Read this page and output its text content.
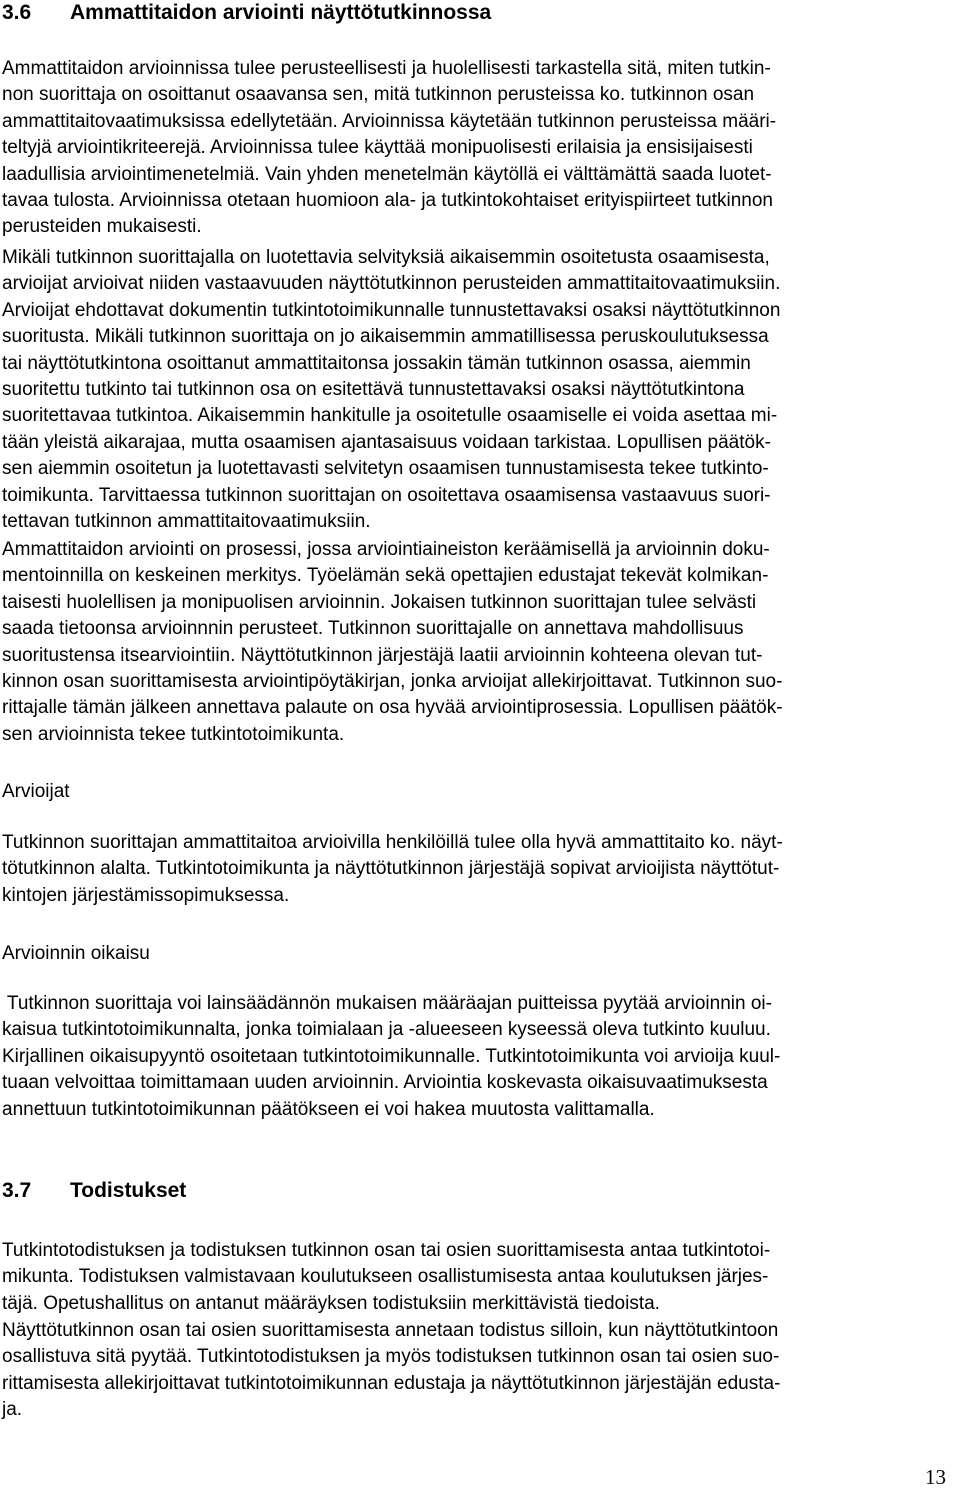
3.6 Ammattitaidon arviointi näyttötutkinnossa
Ammattitaidon arvioinnissa tulee perusteellisesti ja huolellisesti tarkastella sitä, miten tutkin-
non suorittaja on osoittanut osaavansa sen, mitä tutkinnon perusteissa ko. tutkinnon osan
ammattitaitovaatimuksissa edellytetään. Arvioinnissa käytetään tutkinnon perusteissa määri-
teltyjä arviointikriteerejä. Arvioinnissa tulee käyttää monipuolisesti erilaisia ja ensisijaisesti
laadullisia arviointimenetelmiä. Vain yhden menetelmän käytöllä ei välttämättä saada luotet-
tavaa tulosta. Arvioinnissa otetaan huomioon ala- ja tutkintokohtaiset erityispiirteet tutkinnon
perusteiden mukaisesti.
Mikäli tutkinnon suorittajalla on luotettavia selvityksiä aikaisemmin osoitetusta osaamisesta,
arvioijat arvioivat niiden vastaavuuden näyttötutkinnon perusteiden ammattitaitovaatimuksiin.
Arvioijat ehdottavat dokumentin tutkintotoimikunnalle tunnustettavaksi osaksi näyttötutkinnon
suoritusta. Mikäli tutkinnon suorittaja on jo aikaisemmin ammatillisessa peruskoulutuksessa
tai näyttötutkintona osoittanut ammattitaitonsa jossakin tämän tutkinnon osassa, aiemmin
suoritettu tutkinto tai tutkinnon osa on esitettävä tunnustettavaksi osaksi näyttötutkintona
suoritettavaa tutkintoa. Aikaisemmin hankitulle ja osoitetulle osaamiselle ei voida asettaa mi-
tään yleistä aikarajaa, mutta osaamisen ajantasaisuus voidaan tarkistaa. Lopullisen päätök-
sen aiemmin osoitetun ja luotettavasti selvitetyn osaamisen tunnustamisesta tekee tutkinto-
toimikunta. Tarvittaessa tutkinnon suorittajan on osoitettava osaamisensa vastaavuus suori-
tettavan tutkinnon ammattitaitovaatimuksiin.
Ammattitaidon arviointi on prosessi, jossa arviointiaineiston keräämisellä ja arvioinnin doku-
mentoinnilla on keskeinen merkitys. Työelämän sekä opettajien edustajat tekevät kolmikan-
taisesti huolellisen ja monipuolisen arvioinnin. Jokaisen tutkinnon suorittajan tulee selvästi
saada tietoonsa arvioinnnin perusteet. Tutkinnon suorittajalle on annettava mahdollisuus
suoritustensa itsearviointiin. Näyttötutkinnon järjestäjä laatii arvioinnin kohteena olevan tut-
kinnon osan suorittamisesta arviointipöytäkirjan, jonka arvioijat allekirjoittavat. Tutkinnon suo-
rittajalle tämän jälkeen annettava palaute on osa hyvää arviointiprosessia. Lopullisen päätök-
sen arvioinnista tekee tutkintotoimikunta.
Arvioijat
Tutkinnon suorittajan ammattitaitoa arvioivilla henkilöillä tulee olla hyvä ammattitaito ko. näyt-
tötutkinnon alalta. Tutkintotoimikunta ja näyttötutkinnon järjestäjä sopivat arvioijista näyttötut-
kintojen järjestämissopimuksessa.
Arvioinnin oikaisu
Tutkinnon suorittaja voi lainsäädännön mukaisen määräajan puitteissa pyytää arvioinnin oi-
kaisua tutkintotoimikunnalta, jonka toimialaan ja -alueeseen kyseessä oleva tutkinto kuuluu.
Kirjallinen oikaisupyyntö osoitetaan tutkintotoimikunnalle. Tutkintotoimikunta voi arvioija kuul-
tuaan velvoittaa toimittamaan uuden arvioinnin. Arviointia koskevasta oikaisuvaatimuksesta
annettuun tutkintotoimikunnan päätökseen ei voi hakea muutosta valittamalla.
3.7 Todistukset
Tutkintotodistuksen ja todistuksen tutkinnon osan tai osien suorittamisesta antaa tutkintotoi-
mikunta. Todistuksen valmistavaan koulutukseen osallistumisesta antaa koulutuksen järjes-
täjä. Opetushallitus on antanut määräyksen todistuksiin merkittävistä tiedoista.
Näyttötutkinnon osan tai osien suorittamisesta annetaan todistus silloin, kun näyttötutkintoon
osallistuva sitä pyytää. Tutkintotodistuksen ja myös todistuksen tutkinnon osan tai osien suo-
rittamisesta allekirjoittavat tutkintotoimikunnan edustaja ja näyttötutkinnon järjestäjän edusta-
ja.
13
